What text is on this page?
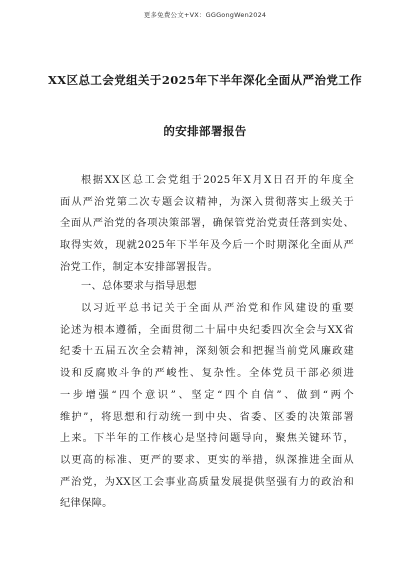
更多免费公文+VX：GGGongWen2024
XX区总工会党组关于2025年下半年深化全面从严治党工作
的安排部署报告
根据XX区总工会党组于2025年X月X日召开的年度全
面从严治党第二次专题会议精神，为深入贯彻落实上级关于
全面从严治党的各项决策部署，确保管党治党责任落到实处、
取得实效，现就2025年下半年及今后一个时期深化全面从严
治党工作，制定本安排部署报告。
一、总体要求与指导思想
以习近平总书记关于全面从严治党和作风建设的重要
论述为根本遵循，全面贯彻二十届中央纪委四次全会与XX省
纪委十五届五次全会精神，深刻领会和把握当前党风廉政建
设和反腐败斗争的严峻性、复杂性。全体党员干部必须进
一步增强“四个意识”、坚定“四个自信”、做到“两个
维护”，将思想和行动统一到中央、省委、区委的决策部署
上来。下半年的工作核心是坚持问题导向，聚焦关键环节，
以更高的标准、更严的要求、更实的举措，纵深推进全面从
严治党，为XX区工会事业高质量发展提供坚强有力的政治和
纪律保障。
